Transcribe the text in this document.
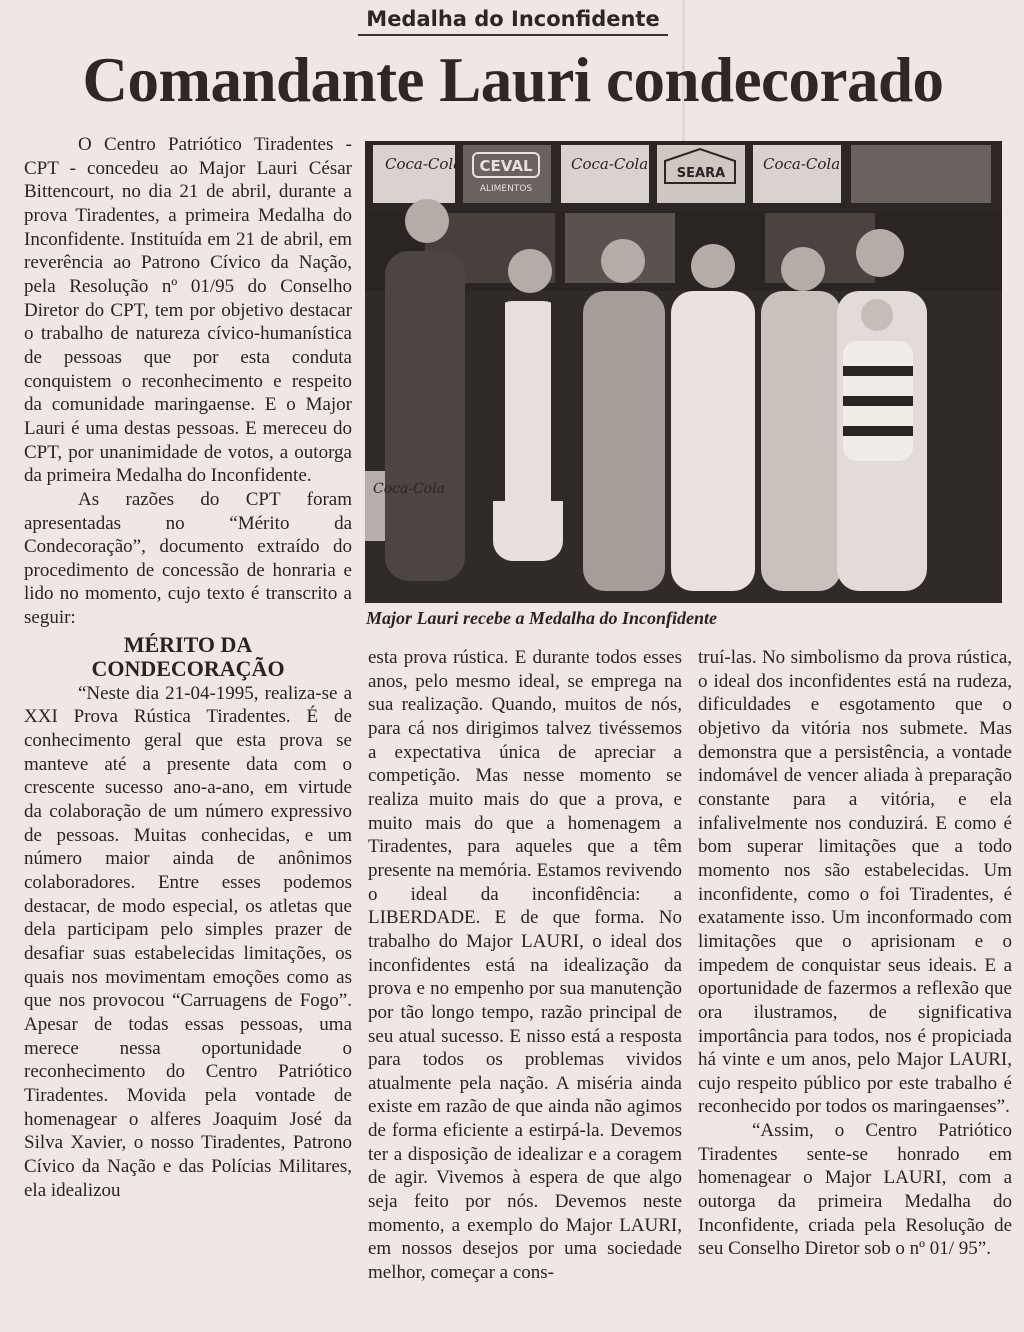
Medalha do Inconfidente
Comandante Lauri condecorado

O Centro Patriótico Tiradentes - CPT - concedeu ao Major Lauri César Bittencourt, no dia 21 de abril, durante a prova Tiradentes, a primeira Medalha do Inconfidente. Instituída em 21 de abril, em reverência ao Patrono Cívico da Nação, pela Resolução nº 01/95 do Conselho Diretor do CPT, tem por objetivo destacar o trabalho de natureza cívico-humanística de pessoas que por esta conduta conquistem o reconhecimento e respeito da comunidade maringaense. E o Major Lauri é uma destas pessoas. E mereceu do CPT, por unanimidade de votos, a outorga da primeira Medalha do Inconfidente.

As razões do CPT foram apresentadas no “Mérito da Condecoração”, documento extraído do procedimento de concessão de honraria e lido no momento, cujo texto é transcrito a seguir:

MÉRITO DA
CONDECORAÇÃO

“Neste dia 21-04-1995, realiza-se a XXI Prova Rústica Tiradentes. É de conhecimento geral que esta prova se manteve até a presente data com o crescente sucesso ano-a-ano, em virtude da colaboração de um número expressivo de pessoas. Muitas conhecidas, e um número maior ainda de anônimos colaboradores. Entre esses podemos destacar, de modo especial, os atletas que dela participam pelo simples prazer de desafiar suas estabelecidas limitações, os quais nos movimentam emoções como as que nos provocou “Carruagens de Fogo”. Apesar de todas essas pessoas, uma merece nessa oportunidade o reconhecimento do Centro Patriótico Tiradentes. Movida pela vontade de homenagear o alferes Joaquim José da Silva Xavier, o nosso Tiradentes, Patrono Cívico da Nação e das Polícias Militares, ela idealizou

Coca-Cola CEVAL
ALIMENTOS
Coca-Cola
SEARA
Coca-Cola
Coca-Cola
Major Lauri recebe a Medalha do Inconfidente

esta prova rústica. E durante todos esses anos, pelo mesmo ideal, se emprega na sua realização. Quando, muitos de nós, para cá nos dirigimos talvez tivéssemos a expectativa única de apreciar a competição. Mas nesse momento se realiza muito mais do que a prova, e muito mais do que a homenagem a Tiradentes, para aqueles que a têm presente na memória. Estamos revivendo o ideal da inconfidência: a LIBERDADE. E de que forma. No trabalho do Major LAURI, o ideal dos inconfidentes está na idealização da prova e no empenho por sua manutenção por tão longo tempo, razão principal de seu atual sucesso. E nisso está a resposta para todos os problemas vividos atualmente pela nação. A miséria ainda existe em razão de que ainda não agimos de forma eficiente a estirpá-la. Devemos ter a disposição de idealizar e a coragem de agir. Vivemos à espera de que algo seja feito por nós. Devemos neste momento, a exemplo do Major LAURI, em nossos desejos por uma sociedade melhor, começar a cons-

truí-las. No simbolismo da prova rústica, o ideal dos inconfidentes está na rudeza, dificuldades e esgotamento que o objetivo da vitória nos submete. Mas demonstra que a persistência, a vontade indomável de vencer aliada à preparação constante para a vitória, e ela infalivelmente nos conduzirá. E como é bom superar limitações que a todo momento nos são estabelecidas. Um inconfidente, como o foi Tiradentes, é exatamente isso. Um inconformado com limitações que o aprisionam e o impedem de conquistar seus ideais. E a oportunidade de fazermos a reflexão que ora ilustramos, de significativa importância para todos, nos é propiciada há vinte e um anos, pelo Major LAURI, cujo respeito público por este trabalho é reconhecido por todos os maringaenses”.

“Assim, o Centro Patriótico Tiradentes sente-se honrado em homenagear o Major LAURI, com a outorga da primeira Medalha do Inconfidente, criada pela Resolução de seu Conselho Diretor sob o nº 01/ 95”.
